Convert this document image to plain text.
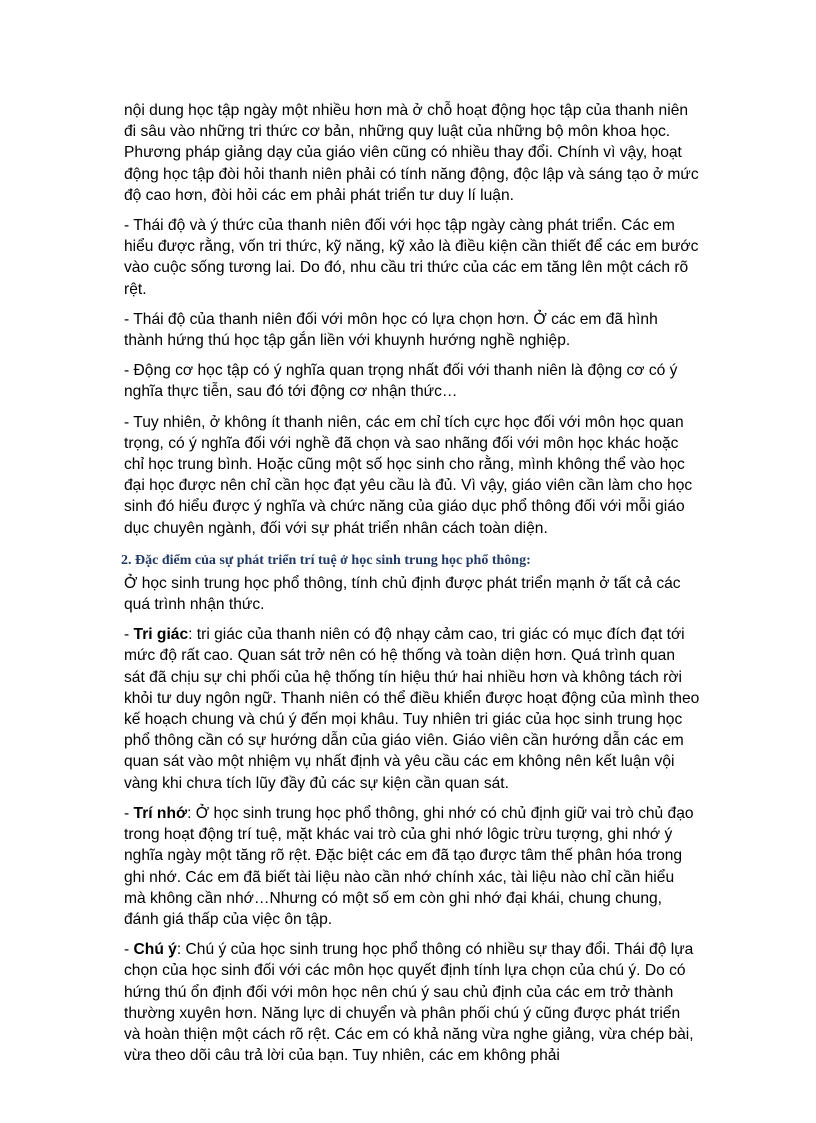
nội dung học tập ngày một nhiều hơn mà ở chỗ hoạt động học tập của thanh niên đi sâu vào những tri thức cơ bản, những quy luật của những bộ môn khoa học. Phương pháp giảng dạy của giáo viên cũng có nhiều thay đổi. Chính vì vậy, hoạt động học tập đòi hỏi thanh niên phải có tính năng động, độc lập và sáng tạo ở mức độ cao hơn, đòi hỏi các em phải phát triển tư duy lí luận.

- Thái độ và ý thức của thanh niên đối với học tập ngày càng phát triển. Các em hiểu được rằng, vốn tri thức, kỹ năng, kỹ xảo là điều kiện cần thiết để các em bước vào cuộc sống tương lai. Do đó, nhu cầu tri thức của các em tăng lên một cách rõ rệt.

- Thái độ của thanh niên đối với môn học có lựa chọn hơn. Ở các em đã hình thành hứng thú học tập gắn liền với khuynh hướng nghề nghiệp.

- Động cơ học tập có ý nghĩa quan trọng nhất đối với thanh niên là động cơ có ý nghĩa thực tiễn, sau đó tới động cơ nhận thức…

- Tuy nhiên, ở không ít thanh niên, các em chỉ tích cực học đối với môn học quan trọng, có ý nghĩa đối với nghề đã chọn và sao nhãng đối với môn học khác hoặc chỉ học trung bình. Hoặc cũng một số học sinh cho rằng, mình không thể vào học đại học được nên chỉ cần học đạt yêu cầu là đủ. Vì vậy, giáo viên cần làm cho học sinh đó hiểu được ý nghĩa và chức năng của giáo dục phổ thông đối với mỗi giáo dục chuyên ngành, đối với sự phát triển nhân cách toàn diện.

2. Đặc điểm của sự phát triển trí tuệ ở học sinh trung học phổ thông:

Ở học sinh trung học phổ thông, tính chủ định được phát triển mạnh ở tất cả các quá trình nhận thức.

- Tri giác: tri giác của thanh niên có độ nhạy cảm cao, tri giác có mục đích đạt tới mức độ rất cao. Quan sát trở nên có hệ thống và toàn diện hơn. Quá trình quan sát đã chịu sự chi phối của hệ thống tín hiệu thứ hai nhiều hơn và không tách rời khỏi tư duy ngôn ngữ. Thanh niên có thể điều khiển được hoạt động của mình theo kế hoạch chung và chú ý đến mọi khâu. Tuy nhiên tri giác của học sinh trung học phổ thông cần có sự hướng dẫn của giáo viên. Giáo viên cần hướng dẫn các em quan sát vào một nhiệm vụ nhất định và yêu cầu các em không nên kết luận vội vàng khi chưa tích lũy đầy đủ các sự kiện cần quan sát.

- Trí nhớ: Ở học sinh trung học phổ thông, ghi nhớ có chủ định giữ vai trò chủ đạo trong hoạt động trí tuệ, mặt khác vai trò của ghi nhớ lôgic trừu tượng, ghi nhớ ý nghĩa ngày một tăng rõ rệt. Đặc biệt các em đã tạo được tâm thế phân hóa trong ghi nhớ. Các em đã biết tài liệu nào cần nhớ chính xác, tài liệu nào chỉ cần hiểu mà không cần nhớ…Nhưng có một số em còn ghi nhớ đại khái, chung chung, đánh giá thấp của việc ôn tập.

- Chú ý: Chú ý của học sinh trung học phổ thông có nhiều sự thay đổi. Thái độ lựa chọn của học sinh đối với các môn học quyết định tính lựa chọn của chú ý. Do có hứng thú ổn định đối với môn học nên chú ý sau chủ định của các em trở thành thường xuyên hơn. Năng lực di chuyển và phân phối chú ý cũng được phát triển và hoàn thiện một cách rõ rệt. Các em có khả năng vừa nghe giảng, vừa chép bài, vừa theo dõi câu trả lời của bạn. Tuy nhiên, các em không phải
